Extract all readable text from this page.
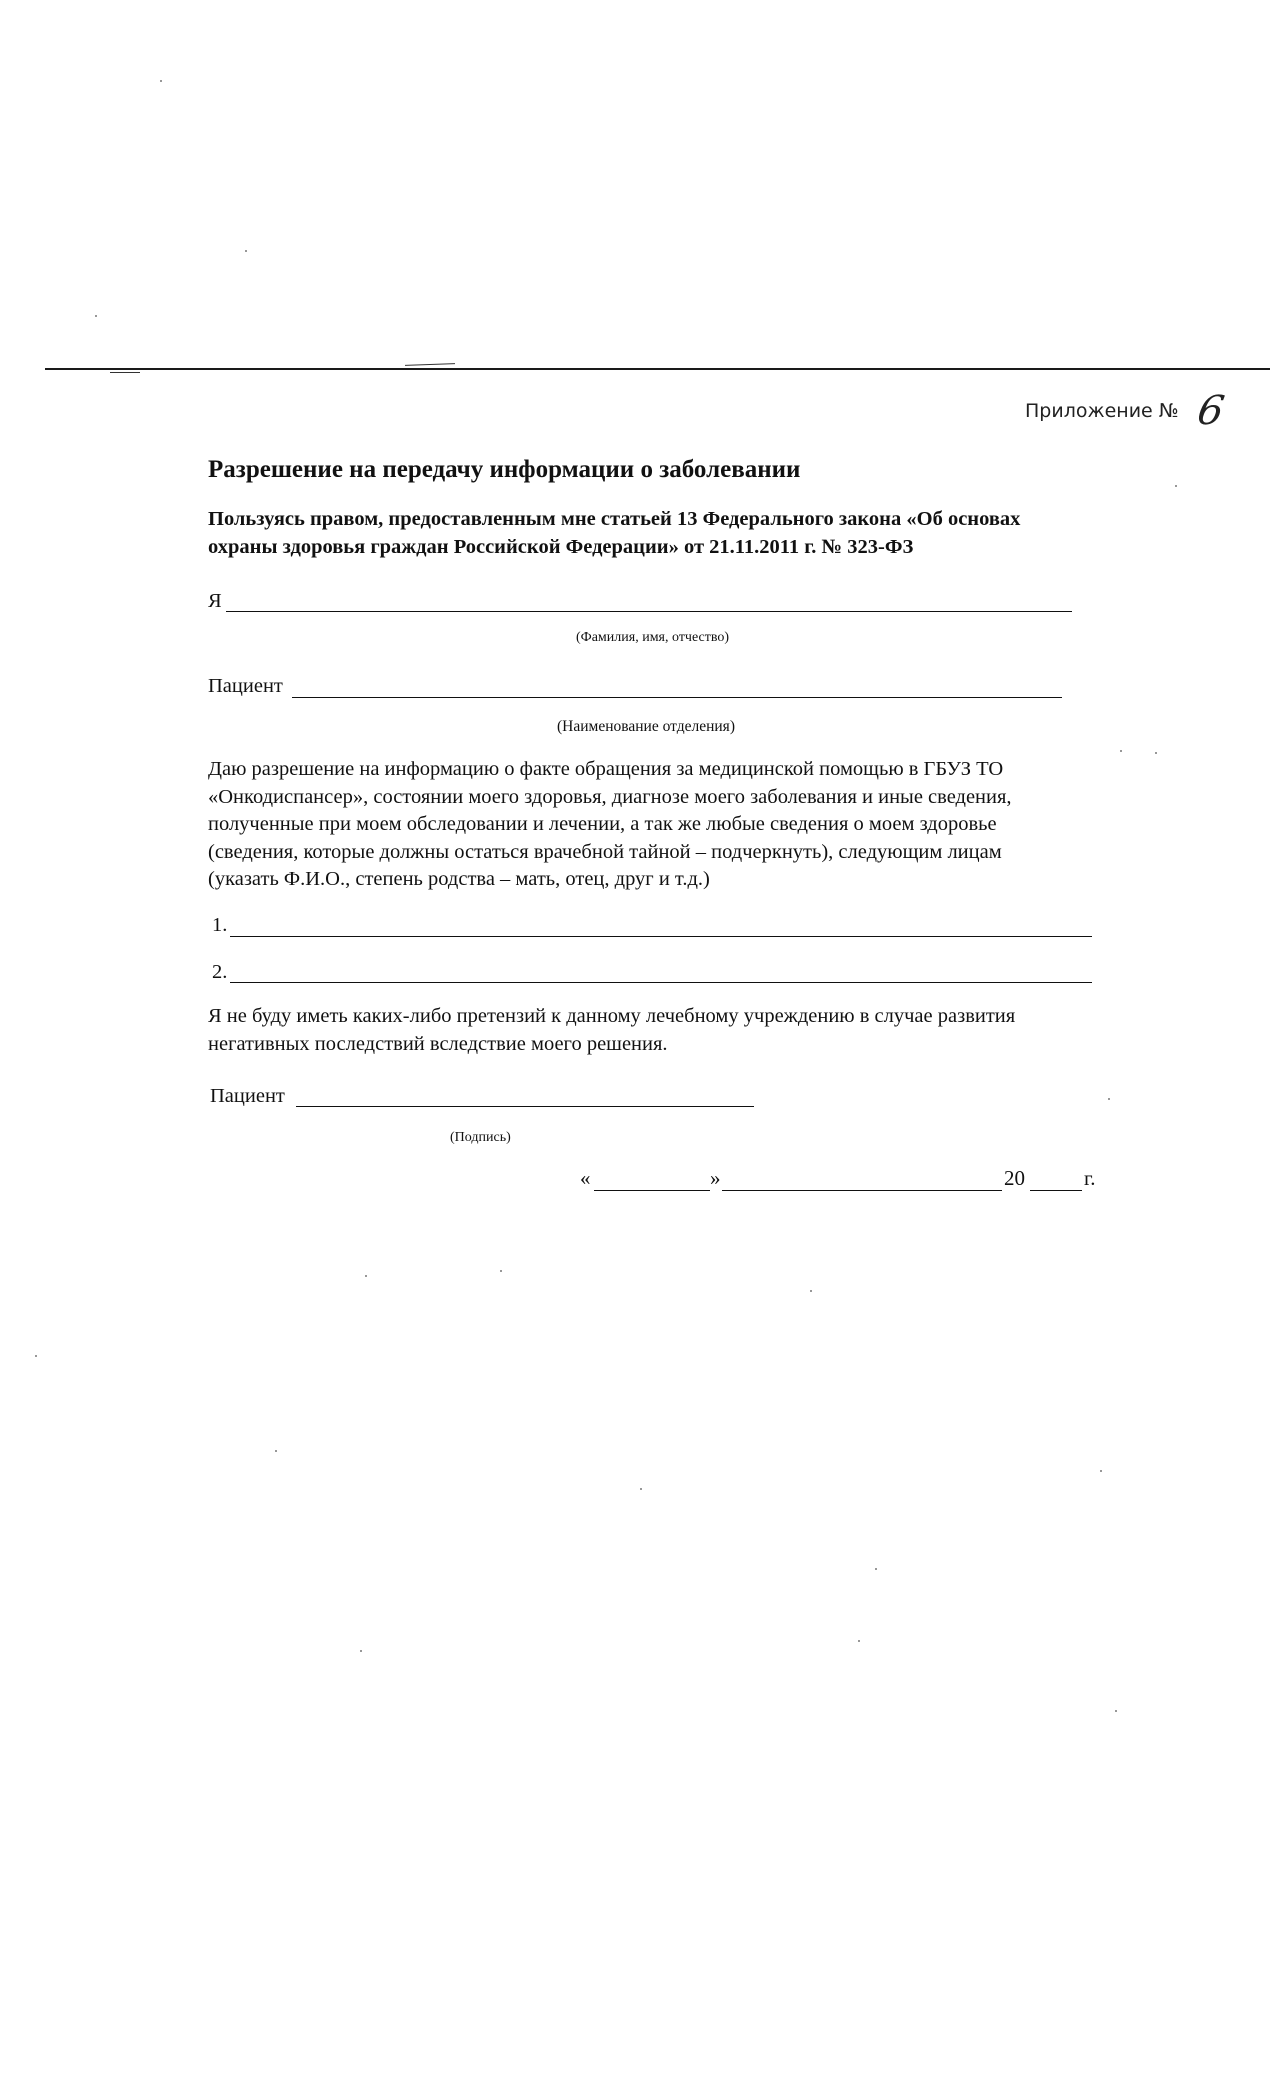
Приложение № 6
Разрешение на передачу информации о заболевании
Пользуясь правом, предоставленным мне статьей 13 Федерального закона «Об основах
охраны здоровья граждан Российской Федерации» от 21.11.2011 г. № 323-ФЗ
Я
(Фамилия, имя, отчество)
Пациент
(Наименование отделения)
Даю разрешение на информацию о факте обращения за медицинской помощью в ГБУЗ ТО
«Онкодиспансер», состоянии моего здоровья, диагнозе моего заболевания и иные сведения,
полученные при моем обследовании и лечении, а так же любые сведения о моем здоровье
(сведения, которые должны остаться врачебной тайной – подчеркнуть), следующим лицам
(указать Ф.И.О., степень родства – мать, отец, друг и т.д.)
1.
2.
Я не буду иметь каких-либо претензий к данному лечебному учреждению в случае развития
негативных последствий вследствие моего решения.
Пациент
(Подпись)
«	»	20	г.
